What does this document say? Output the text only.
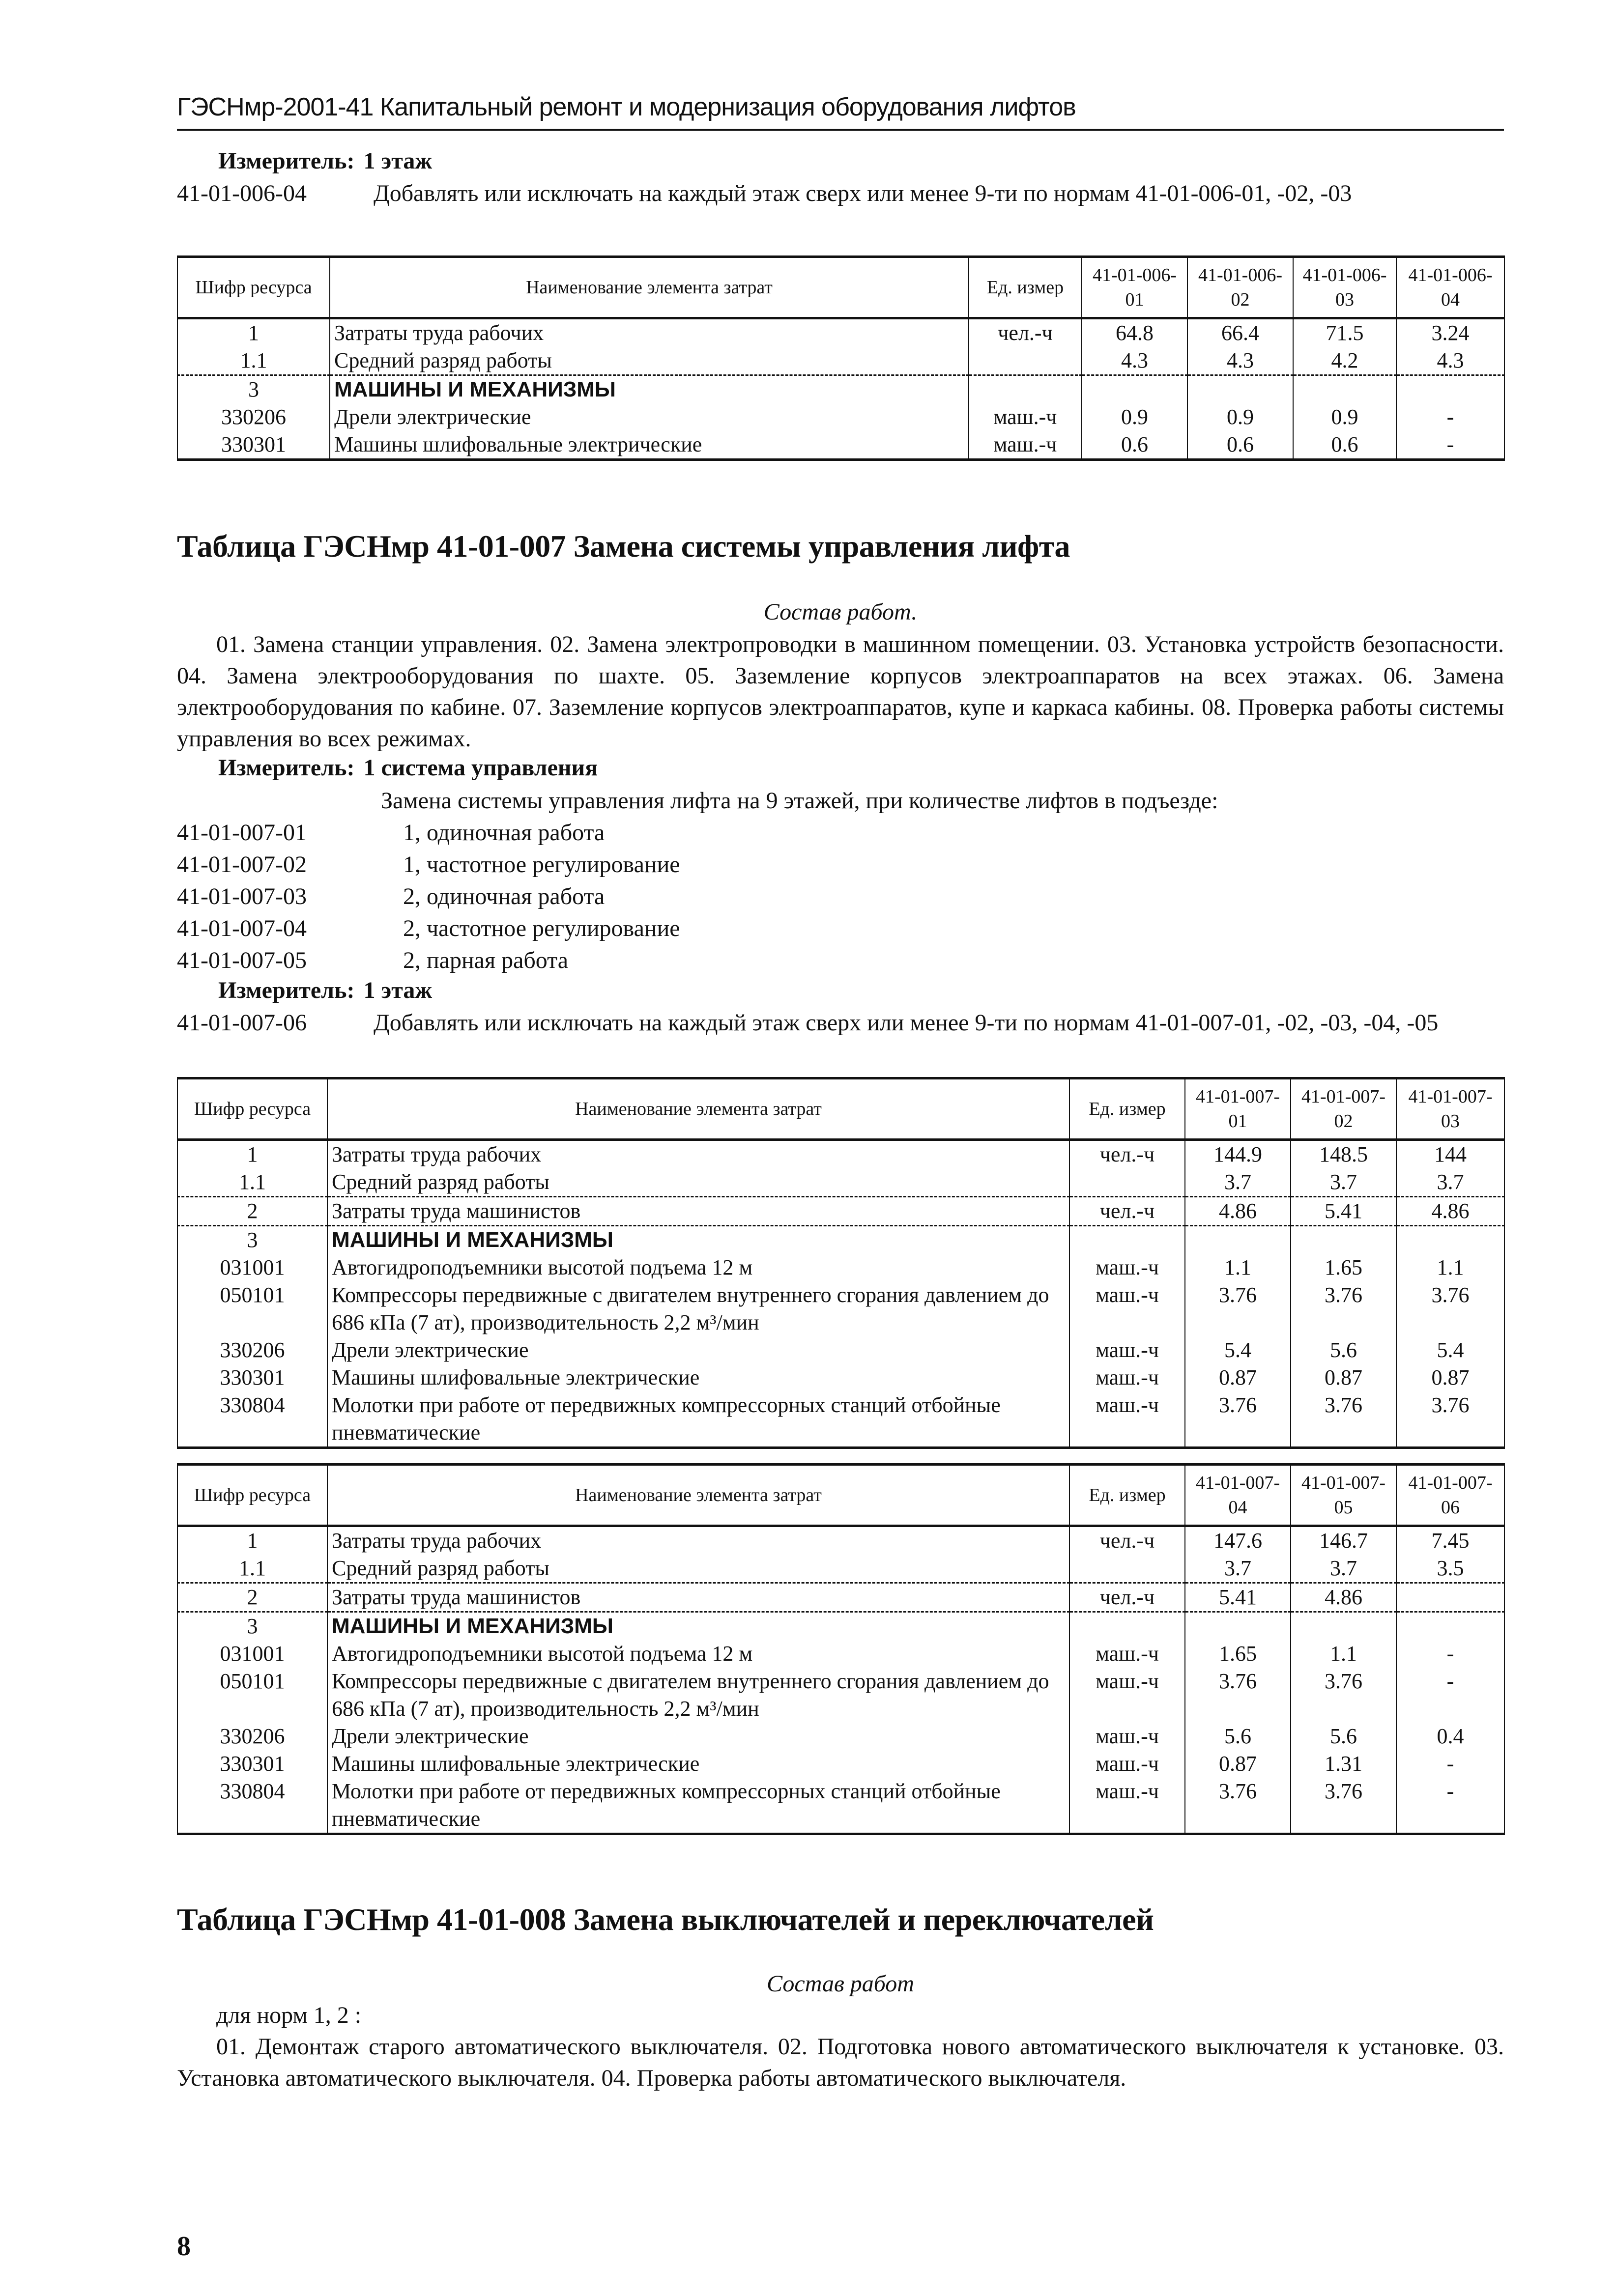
ГЭСНмр-2001-41 Капитальный ремонт и модернизация оборудования лифтов
Измеритель: 1 этаж
41-01-006-04	Добавлять или исключать на каждый этаж сверх или менее 9-ти по нормам 41-01-006-01, -02, -03
Шифр ресурса	Наименование элемента затрат	Ед. измер	41-01-006-01	41-01-006-02	41-01-006-03	41-01-006-04
1	Затраты труда рабочих	чел.-ч	64.8	66.4	71.5	3.24
1.1	Средний разряд работы		4.3	4.3	4.2	4.3
3	МАШИНЫ И МЕХАНИЗМЫ					
330206	Дрели электрические	маш.-ч	0.9	0.9	0.9	-
330301	Машины шлифовальные электрические	маш.-ч	0.6	0.6	0.6	-
Таблица ГЭСНмр 41-01-007 Замена системы управления лифта
Состав работ.
01. Замена станции управления. 02. Замена электропроводки в машинном помещении. 03. Установка устройств безопасности. 04. Замена электрооборудования по шахте. 05. Заземление корпусов электроаппаратов на всех этажах. 06. Замена электрооборудования по кабине. 07. Заземление корпусов электроаппаратов, купе и каркаса кабины. 08. Проверка работы системы управления во всех режимах.
Измеритель: 1 система управления
Замена системы управления лифта на 9 этажей, при количестве лифтов в подъезде:
41-01-007-01	1, одиночная работа
41-01-007-02	1, частотное регулирование
41-01-007-03	2, одиночная работа
41-01-007-04	2, частотное регулирование
41-01-007-05	2, парная работа
Измеритель: 1 этаж
41-01-007-06	Добавлять или исключать на каждый этаж сверх или менее 9-ти по нормам 41-01-007-01, -02, -03, -04, -05
Шифр ресурса	Наименование элемента затрат	Ед. измер	41-01-007-01	41-01-007-02	41-01-007-03
1	Затраты труда рабочих	чел.-ч	144.9	148.5	144
1.1	Средний разряд работы		3.7	3.7	3.7
2	Затраты труда машинистов	чел.-ч	4.86	5.41	4.86
3	МАШИНЫ И МЕХАНИЗМЫ				
031001	Автогидроподъемники высотой подъема 12 м	маш.-ч	1.1	1.65	1.1
050101	Компрессоры передвижные с двигателем внутреннего сгорания давлением до 686 кПа (7 ат), производительность 2,2 м³/мин	маш.-ч	3.76	3.76	3.76
330206	Дрели электрические	маш.-ч	5.4	5.6	5.4
330301	Машины шлифовальные электрические	маш.-ч	0.87	0.87	0.87
330804	Молотки при работе от передвижных компрессорных станций отбойные пневматические	маш.-ч	3.76	3.76	3.76
Шифр ресурса	Наименование элемента затрат	Ед. измер	41-01-007-04	41-01-007-05	41-01-007-06
1	Затраты труда рабочих	чел.-ч	147.6	146.7	7.45
1.1	Средний разряд работы		3.7	3.7	3.5
2	Затраты труда машинистов	чел.-ч	5.41	4.86	
3	МАШИНЫ И МЕХАНИЗМЫ				
031001	Автогидроподъемники высотой подъема 12 м	маш.-ч	1.65	1.1	-
050101	Компрессоры передвижные с двигателем внутреннего сгорания давлением до 686 кПа (7 ат), производительность 2,2 м³/мин	маш.-ч	3.76	3.76	-
330206	Дрели электрические	маш.-ч	5.6	5.6	0.4
330301	Машины шлифовальные электрические	маш.-ч	0.87	1.31	-
330804	Молотки при работе от передвижных компрессорных станций отбойные пневматические	маш.-ч	3.76	3.76	-
Таблица ГЭСНмр 41-01-008 Замена выключателей и переключателей
Состав работ
для норм 1, 2 :
01. Демонтаж старого автоматического выключателя. 02. Подготовка нового автоматического выключателя к установке. 03. Установка автоматического выключателя. 04. Проверка работы автоматического выключателя.
8
